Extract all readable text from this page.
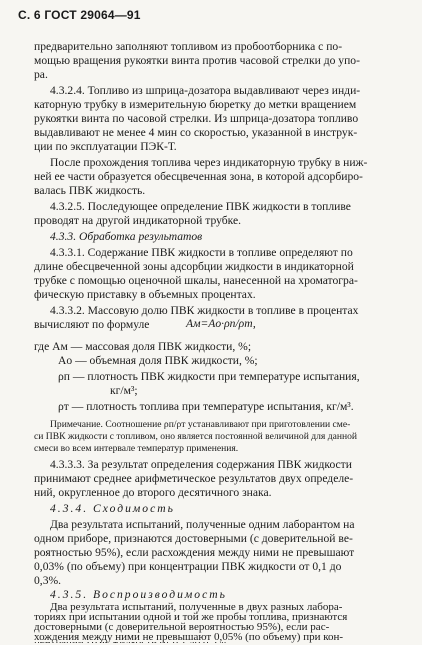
С. 6 ГОСТ 29064—91
предварительно заполняют топливом из пробоотборника с по-
мощью вращения рукоятки винта против часовой стрелки до упо-
ра.
4.3.2.4. Топливо из шприца-дозатора выдавливают через инди-
каторную трубку в измерительную бюретку до метки вращением
рукоятки винта по часовой стрелки. Из шприца-дозатора топливо
выдавливают не менее 4 мин со скоростью, указанной в инструк-
ции по эксплуатации ПЭК-Т.
После прохождения топлива через индикаторную трубку в ниж-
ней ее части образуется обесцвеченная зона, в которой адсорбиро-
валась ПВК жидкость.
4.3.2.5. Последующее определение ПВК жидкости в топливе
проводят на другой индикаторной трубке.
4.3.3. Обработка результатов
4.3.3.1. Содержание ПВК жидкости в топливе определяют по
длине обесцвеченной зоны адсорбции жидкости в индикаторной
трубке с помощью оценочной шкалы, нанесенной на хроматогра-
фическую приставку в объемных процентах.
4.3.3.2. Массовую долю ПВК жидкости в топливе в процентах
вычисляют по формуле	Aм=Aо·ρп/ρт,
где Aм — массовая доля ПВК жидкости, %;
Aо — объемная доля ПВК жидкости, %;
ρп — плотность ПВК жидкости при температуре испытания,
кг/м³;
ρт — плотность топлива при температуре испытания, кг/м³.
Примечание. Соотношение ρп/ρт устанавливают при приготовлении сме-
си ПВК жидкости с топливом, оно является постоянной величиной для данной
смеси во всем интервале температур применения.
4.3.3.3. За результат определения содержания ПВК жидкости
принимают среднее арифметическое результатов двух определе-
ний, округленное до второго десятичного знака.
4.3.4. Сходимость
Два результата испытаний, полученные одним лаборантом на
одном приборе, признаются достоверными (с доверительной ве-
роятностью 95%), если расхождения между ними не превышают
0,03% (по объему) при концентрации ПВК жидкости от 0,1 до
0,3%.
4.3.5. Воспроизводимость
Два результата испытаний, полученные в двух разных лабора-
ториях при испытании одной и той же пробы топлива, признаются
достоверными (с доверительной вероятностью 95%), если рас-
хождения между ними не превышают 0,05% (по объему) при кон-
